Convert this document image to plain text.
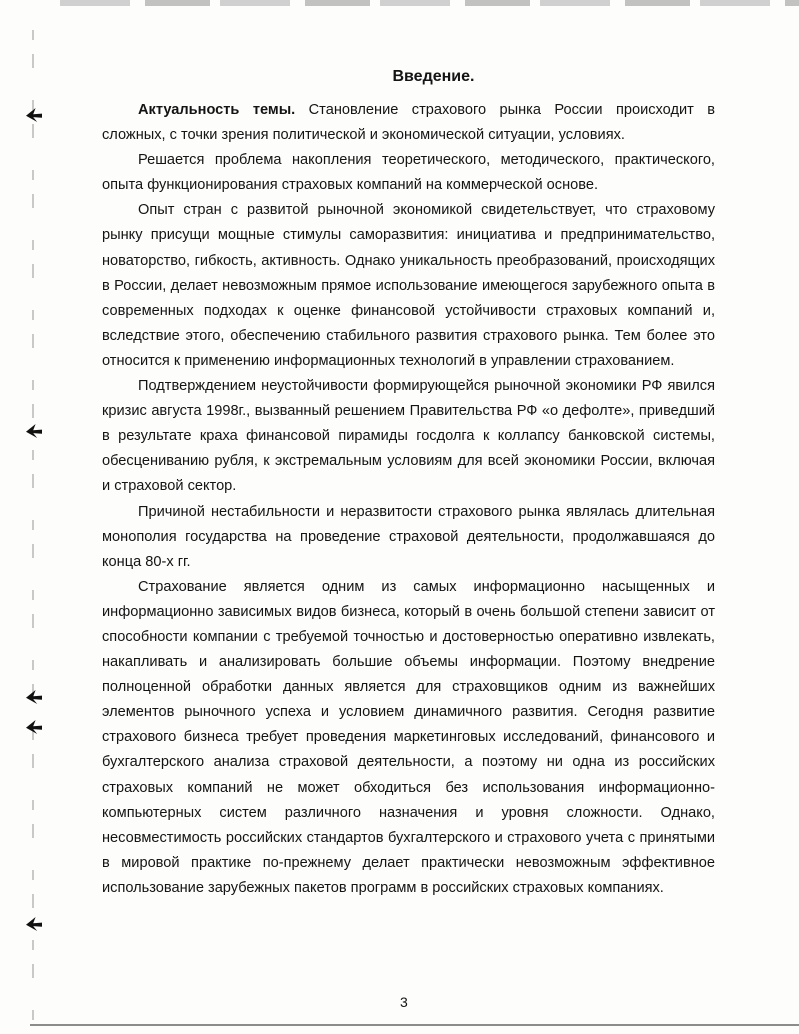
Введение.

Актуальность темы. Становление страхового рынка России происходит в сложных, с точки зрения политической и экономической ситуации, условиях.

Решается проблема накопления теоретического, методического, практического, опыта функционирования страховых компаний на коммерческой основе.

Опыт стран с развитой рыночной экономикой свидетельствует, что страховому рынку присущи мощные стимулы саморазвития: инициатива и предпринимательство, новаторство, гибкость, активность. Однако уникальность преобразований, происходящих в России, делает невозможным прямое использование имеющегося зарубежного опыта в современных подходах к оценке финансовой устойчивости страховых компаний и, вследствие этого, обеспечению стабильного развития страхового рынка. Тем более это относится к применению информационных технологий в управлении страхованием.

Подтверждением неустойчивости формирующейся рыночной экономики РФ явился кризис августа 1998г., вызванный решением Правительства РФ «о дефолте», приведший в результате краха финансовой пирамиды госдолга к коллапсу банковской системы, обесцениванию рубля, к экстремальным условиям для всей экономики России, включая и страховой сектор.

Причиной нестабильности и неразвитости страхового рынка являлась длительная монополия государства на проведение страховой деятельности, продолжавшаяся до конца 80-х гг.

Страхование является одним из самых информационно насыщенных и информационно зависимых видов бизнеса, который в очень большой степени зависит от способности компании с требуемой точностью и достоверностью оперативно извлекать, накапливать и анализировать большие объемы информации. Поэтому внедрение полноценной обработки данных является для страховщиков одним из важнейших элементов рыночного успеха и условием динамичного развития. Сегодня развитие страхового бизнеса требует проведения маркетинговых исследований, финансового и бухгалтерского анализа страховой деятельности, а поэтому ни одна из российских страховых компаний не может обходиться без использования информационно-компьютерных систем различного назначения и уровня сложности. Однако, несовместимость российских стандартов бухгалтерского и страхового учета с принятыми в мировой практике по-прежнему делает практически невозможным эффективное использование зарубежных пакетов программ в российских страховых компаниях.

3
